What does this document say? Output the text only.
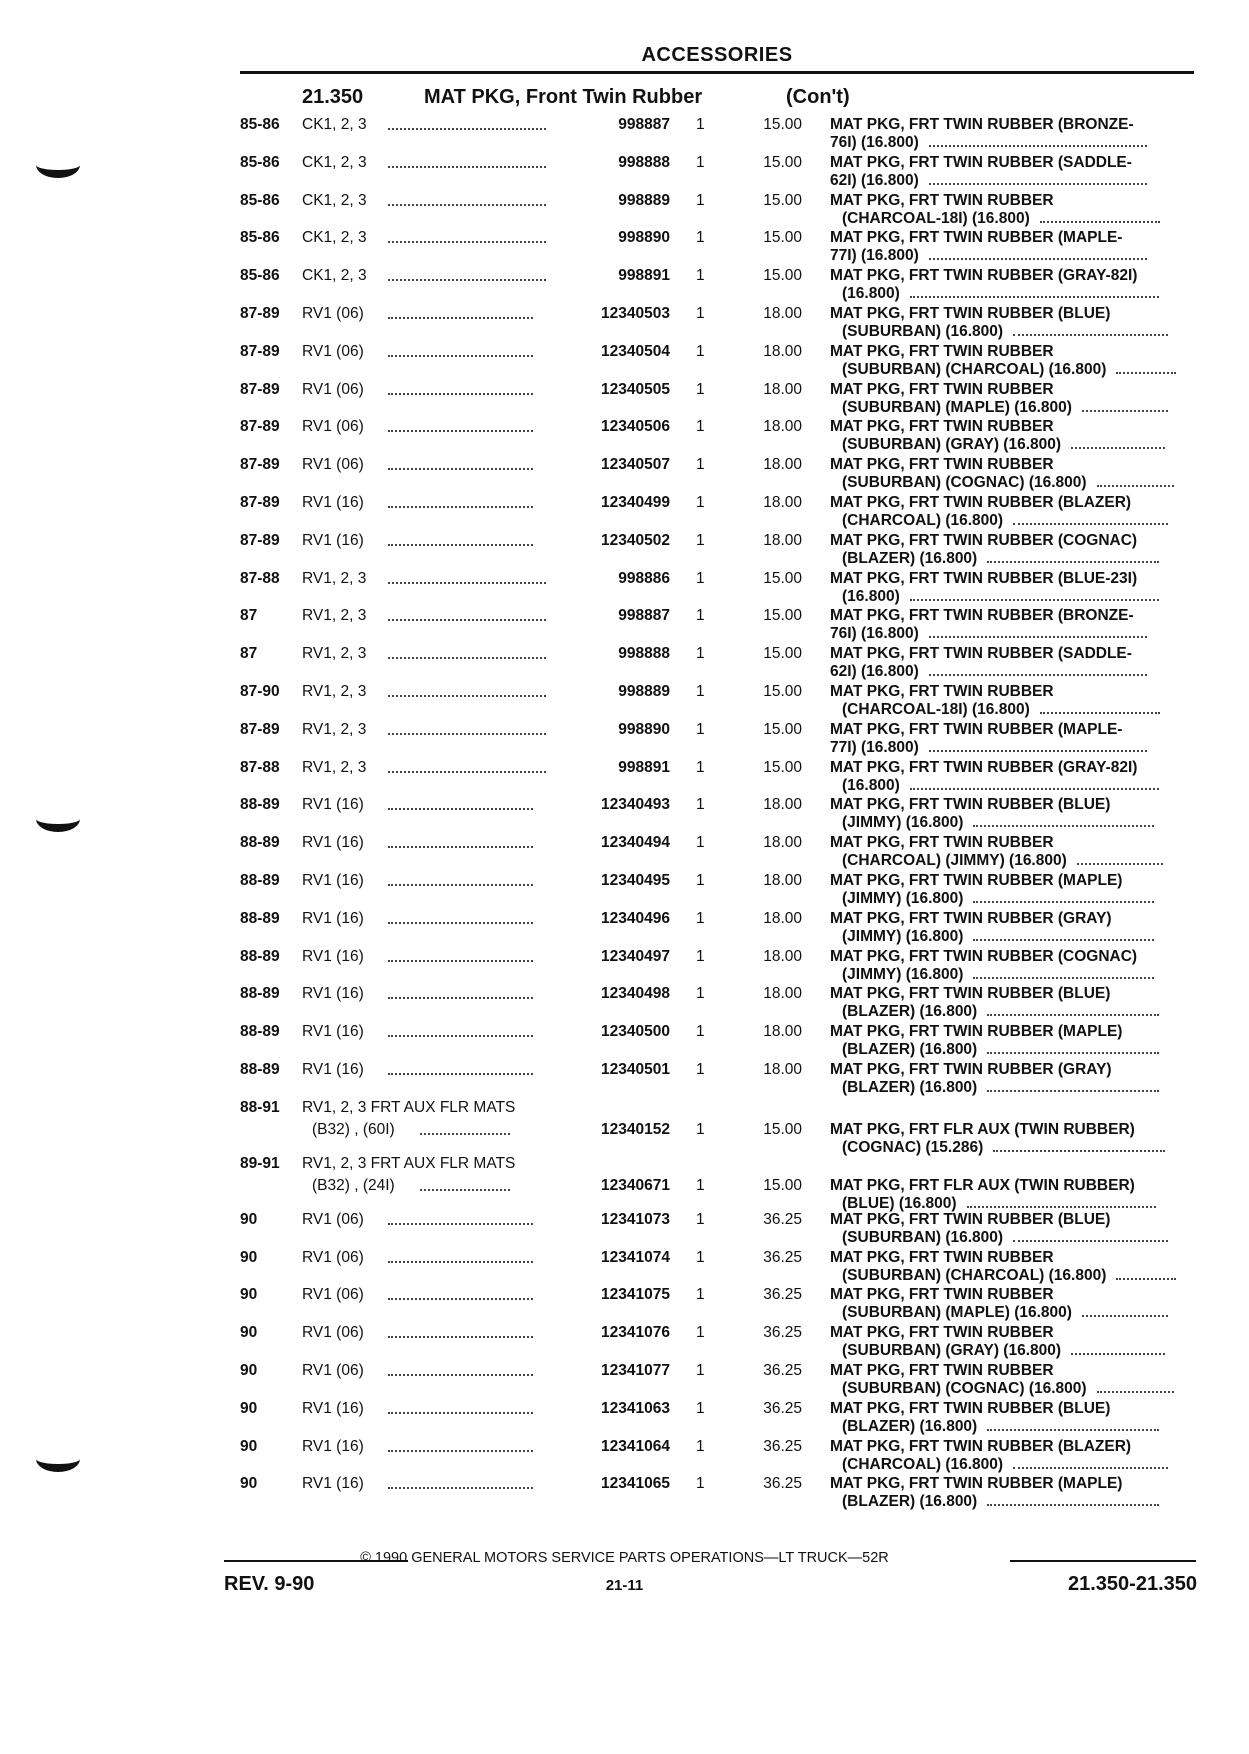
ACCESSORIES
21.350	MAT PKG, Front Twin Rubber	(Con't)
85-86 CK1, 2, 3	998887 1	15.00 MAT PKG, FRT TWIN RUBBER (BRONZE-
76I) (16.800)
85-86 CK1, 2, 3	998888 1	15.00 MAT PKG, FRT TWIN RUBBER (SADDLE-
62I) (16.800)
85-86 CK1, 2, 3	998889 1	15.00 MAT PKG, FRT TWIN RUBBER
(CHARCOAL-18I) (16.800)
85-86 CK1, 2, 3	998890 1	15.00 MAT PKG, FRT TWIN RUBBER (MAPLE-
77I) (16.800)
85-86 CK1, 2, 3	998891 1	15.00 MAT PKG, FRT TWIN RUBBER (GRAY-82I)
(16.800)
87-89 RV1 (06)	12340503 1	18.00 MAT PKG, FRT TWIN RUBBER (BLUE)
(SUBURBAN) (16.800)
87-89 RV1 (06)	12340504 1	18.00 MAT PKG, FRT TWIN RUBBER
(SUBURBAN) (CHARCOAL) (16.800)
87-89 RV1 (06)	12340505 1	18.00 MAT PKG, FRT TWIN RUBBER
(SUBURBAN) (MAPLE) (16.800)
87-89 RV1 (06)	12340506 1	18.00 MAT PKG, FRT TWIN RUBBER
(SUBURBAN) (GRAY) (16.800)
87-89 RV1 (06)	12340507 1	18.00 MAT PKG, FRT TWIN RUBBER
(SUBURBAN) (COGNAC) (16.800)
87-89 RV1 (16)	12340499 1	18.00 MAT PKG, FRT TWIN RUBBER (BLAZER)
(CHARCOAL) (16.800)
87-89 RV1 (16)	12340502 1	18.00 MAT PKG, FRT TWIN RUBBER (COGNAC)
(BLAZER) (16.800)
87-88 RV1, 2, 3	998886 1	15.00 MAT PKG, FRT TWIN RUBBER (BLUE-23I)
(16.800)
87	RV1, 2, 3	998887 1	15.00 MAT PKG, FRT TWIN RUBBER (BRONZE-
76I) (16.800)
87	RV1, 2, 3	998888 1	15.00 MAT PKG, FRT TWIN RUBBER (SADDLE-
62I) (16.800)
87-90 RV1, 2, 3	998889 1	15.00 MAT PKG, FRT TWIN RUBBER
(CHARCOAL-18I) (16.800)
87-89 RV1, 2, 3	998890 1	15.00 MAT PKG, FRT TWIN RUBBER (MAPLE-
77I) (16.800)
87-88 RV1, 2, 3	998891 1	15.00 MAT PKG, FRT TWIN RUBBER (GRAY-82I)
(16.800)
88-89 RV1 (16)	12340493 1	18.00 MAT PKG, FRT TWIN RUBBER (BLUE)
(JIMMY) (16.800)
88-89 RV1 (16)	12340494 1	18.00 MAT PKG, FRT TWIN RUBBER
(CHARCOAL) (JIMMY) (16.800)
88-89 RV1 (16)	12340495 1	18.00 MAT PKG, FRT TWIN RUBBER (MAPLE)
(JIMMY) (16.800)
88-89 RV1 (16)	12340496 1	18.00 MAT PKG, FRT TWIN RUBBER (GRAY)
(JIMMY) (16.800)
88-89 RV1 (16)	12340497 1	18.00 MAT PKG, FRT TWIN RUBBER (COGNAC)
(JIMMY) (16.800)
88-89 RV1 (16)	12340498 1	18.00 MAT PKG, FRT TWIN RUBBER (BLUE)
(BLAZER) (16.800)
88-89 RV1 (16)	12340500 1	18.00 MAT PKG, FRT TWIN RUBBER (MAPLE)
(BLAZER) (16.800)
88-89 RV1 (16)	12340501 1	18.00 MAT PKG, FRT TWIN RUBBER (GRAY)
(BLAZER) (16.800)
88-91 RV1, 2, 3 FRT AUX FLR MATS
(B32) , (60I)	12340152 1	15.00 MAT PKG, FRT FLR AUX (TWIN RUBBER)
(COGNAC) (15.286)
89-91 RV1, 2, 3 FRT AUX FLR MATS
(B32) , (24I)	12340671 1	15.00 MAT PKG, FRT FLR AUX (TWIN RUBBER)
(BLUE) (16.800)
90	RV1 (06)	12341073 1	36.25 MAT PKG, FRT TWIN RUBBER (BLUE)
(SUBURBAN) (16.800)
90	RV1 (06)	12341074 1	36.25 MAT PKG, FRT TWIN RUBBER
(SUBURBAN) (CHARCOAL) (16.800)
90	RV1 (06)	12341075 1	36.25 MAT PKG, FRT TWIN RUBBER
(SUBURBAN) (MAPLE) (16.800)
90	RV1 (06)	12341076 1	36.25 MAT PKG, FRT TWIN RUBBER
(SUBURBAN) (GRAY) (16.800)
90	RV1 (06)	12341077 1	36.25 MAT PKG, FRT TWIN RUBBER
(SUBURBAN) (COGNAC) (16.800)
90	RV1 (16)	12341063 1	36.25 MAT PKG, FRT TWIN RUBBER (BLUE)
(BLAZER) (16.800)
90	RV1 (16)	12341064 1	36.25 MAT PKG, FRT TWIN RUBBER (BLAZER)
(CHARCOAL) (16.800)
90	RV1 (16)	12341065 1	36.25 MAT PKG, FRT TWIN RUBBER (MAPLE)
(BLAZER) (16.800)
© 1990 GENERAL MOTORS SERVICE PARTS OPERATIONS—LT TRUCK—52R
REV. 9-90	21-11	21.350-21.350
